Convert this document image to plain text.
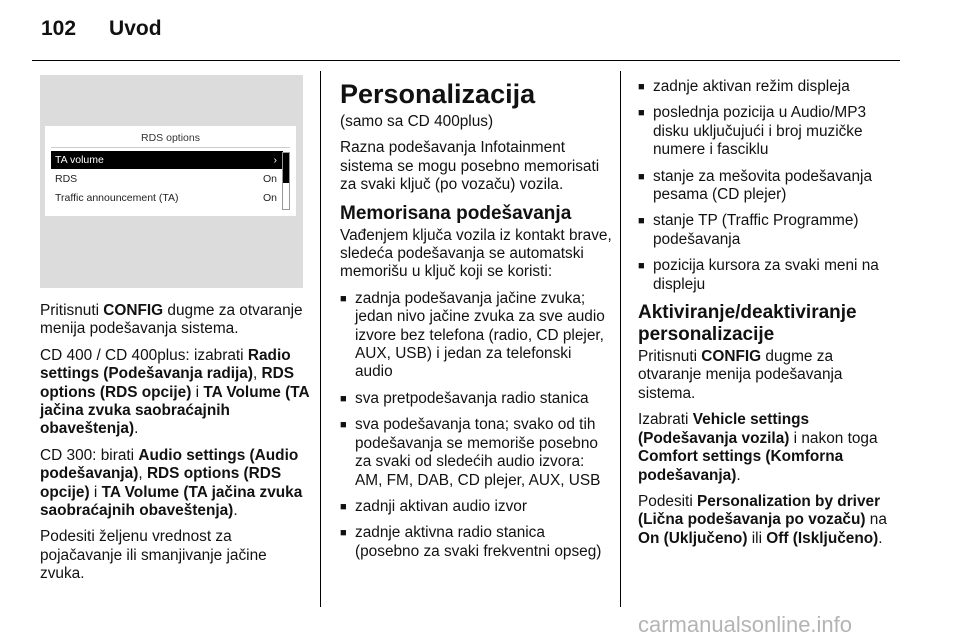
102 Uvod
RDS options
TA volume	›
RDS	On
Traffic announcement (TA)	On

Pritisnuti CONFIG dugme za otvaranje menija podešavanja sistema.

CD 400 / CD 400plus: izabrati Radio settings (Podešavanja radija), RDS options (RDS opcije) i TA Volume (TA jačina zvuka saobraćajnih obaveštenja).

CD 300: birati Audio settings (Audio podešavanja), RDS options (RDS opcije) i TA Volume (TA jačina zvuka saobraćajnih obaveštenja).

Podesiti željenu vrednost za pojačavanje ili smanjivanje jačine zvuka.

Personalizacija

(samo sa CD 400plus)

Razna podešavanja Infotainment sistema se mogu posebno memorisati za svaki ključ (po vozaču) vozila.

Memorisana podešavanja

Vađenjem ključa vozila iz kontakt brave, sledeća podešavanja se automatski memorišu u ključ koji se koristi:

■ zadnja podešavanja jačine zvuka; jedan nivo jačine zvuka za sve audio izvore bez telefona (radio, CD plejer, AUX, USB) i jedan za telefonski audio
■ sva pretpodešavanja radio stanica
■ sva podešavanja tona; svako od tih podešavanja se memoriše posebno za svaki od sledećih audio izvora: AM, FM, DAB, CD plejer, AUX, USB
■ zadnji aktivan audio izvor
■ zadnje aktivna radio stanica (posebno za svaki frekventni opseg)
■ zadnje aktivan režim displeja
■ poslednja pozicija u Audio/MP3 disku uključujući i broj muzičke numere i fasciklu
■ stanje za mešovita podešavanja pesama (CD plejer)
■ stanje TP (Traffic Programme) podešavanja
■ pozicija kursora za svaki meni na displeju
Aktiviranje/deaktiviranje personalizacije

Pritisnuti CONFIG dugme za otvaranje menija podešavanja sistema.

Izabrati Vehicle settings (Podešavanja vozila) i nakon toga Comfort settings (Komforna podešavanja).

Podesiti Personalization by driver (Lična podešavanja po vozaču) na On (Uključeno) ili Off (Isključeno).

carmanualsonline.info
